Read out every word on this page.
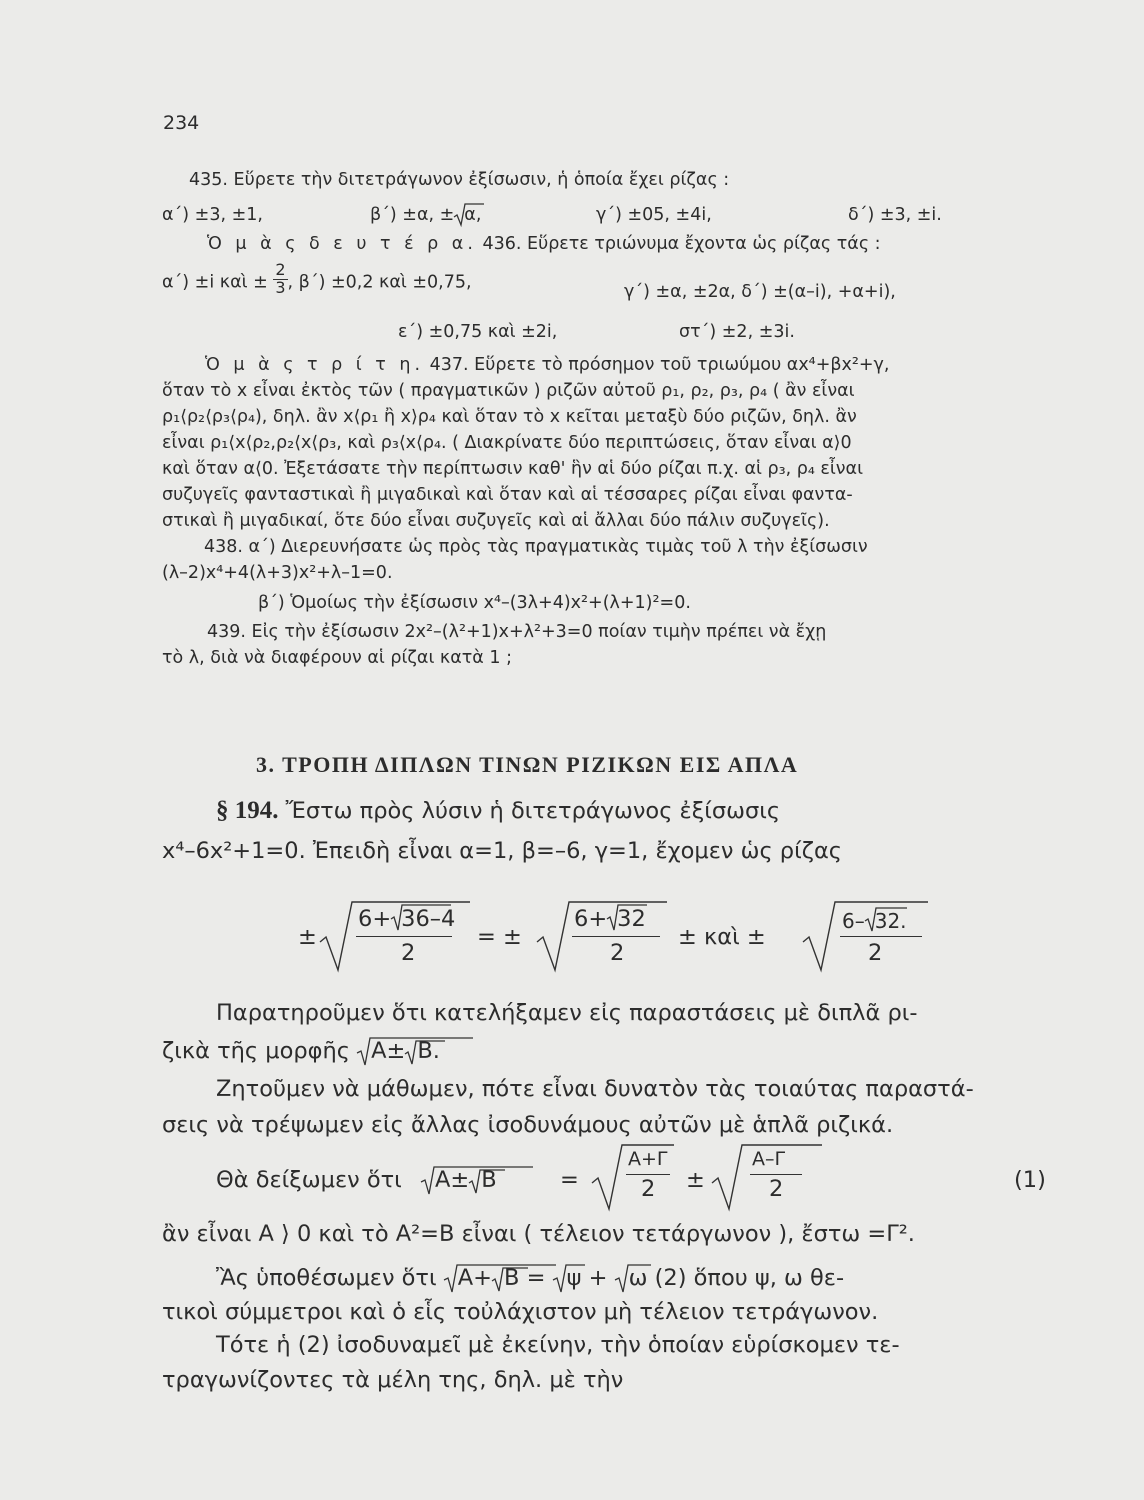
234
435. Εὕρετε τὴν διτετράγωνον ἐξίσωσιν, ἡ ὁποία ἔχει ρίζας :
α΄) ±3, ±1,	β΄) ±α, ± α,	γ΄) ±05, ±4i,	δ΄) ±3, ±i.
Ὁ μ ὰ ς δ ε υ τ έ ρ α. 436. Εὕρετε τριώνυμα ἔχοντα ὡς ρίζας τάς :
α΄) ±i καὶ ± $\frac{2}{3}$ , β΄) ±0,2 καὶ ±0,75,	γ΄) ±α, ±2α, δ΄) ±(α–i), +α+i),
ε΄) ±0,75 καὶ ±2i,	στ΄) ±2, ±3i.
Ὁ μ ὰ ς τ ρ ί τ η. 437. Εὕρετε τὸ πρόσημον τοῦ τριωύμου αx⁴+βx²+γ,
ὅταν τὸ x εἶναι ἐκτὸς τῶν ( πραγματικῶν ) ριζῶν αὐτοῦ ρ₁, ρ₂, ρ₃, ρ₄ ( ἂν εἶναι
ρ₁⟨ρ₂⟨ρ₃⟨ρ₄), δηλ. ἂν x⟨ρ₁ ἢ x⟩ρ₄ καὶ ὅταν τὸ x κεῖται μεταξὺ δύο ριζῶν, δηλ. ἂν
εἶναι ρ₁⟨x⟨ρ₂,ρ₂⟨x⟨ρ₃, καὶ ρ₃⟨x⟨ρ₄. ( Διακρίνατε δύο περιπτώσεις, ὅταν εἶναι α⟩0
καὶ ὅταν α⟨0. Ἐξετάσατε τὴν περίπτωσιν καθ' ἣν αἱ δύο ρίζαι π.χ. αἱ ρ₃, ρ₄ εἶναι
συζυγεῖς φανταστικαὶ ἢ μιγαδικαὶ καὶ ὅταν καὶ αἱ τέσσαρες ρίζαι εἶναι φαντα-
στικαὶ ἢ μιγαδικαί, ὅτε δύο εἶναι συζυγεῖς καὶ αἱ ἄλλαι δύο πάλιν συζυγεῖς).
438. α΄) Διερευνήσατε ὡς πρὸς τὰς πραγματικὰς τιμὰς τοῦ λ τὴν ἐξίσωσιν
(λ–2)x⁴+4(λ+3)x²+λ–1=0.
β΄) Ὁμοίως τὴν ἐξίσωσιν x⁴–(3λ+4)x²+(λ+1)²=0.
439. Εἰς τὴν ἐξίσωσιν 2x²–(λ²+1)x+λ²+3=0 ποίαν τιμὴν πρέπει νὰ ἔχῃ
τὸ λ, διὰ νὰ διαφέρουν αἱ ρίζαι κατὰ 1 ;
3. ΤΡΟΠΗ ΔΙΠΛΩΝ ΤΙΝΩΝ ΡΙΖΙΚΩΝ ΕΙΣ ΑΠΛΑ
§ 194. Ἔστω πρὸς λύσιν ἡ διτετράγωνος ἐξίσωσις
x⁴–6x²+1=0. Ἐπειδὴ εἶναι α=1, β=–6, γ=1, ἔχομεν ὡς ρίζας
±
6+ 36–4
2
= ±
6+ 32
2
± καὶ ±
6– 32.
2
Παρατηροῦμεν ὅτι κατελήξαμεν εἰς παραστάσεις μὲ διπλᾶ ρι-
ζικὰ τῆς μορφῆς Α± Β.
Ζητοῦμεν νὰ μάθωμεν, πότε εἶναι δυνατὸν τὰς τοιαύτας παραστά-
σεις νὰ τρέψωμεν εἰς ἄλλας ἰσοδυνάμους αὐτῶν μὲ ἁπλᾶ ριζικά.
Θὰ δείξωμεν ὅτι	Α± Β	=
Α+Γ
2 ±
Α–Γ
2	(1)
ἂν εἶναι Α ⟩ 0 καὶ τὸ Α²=Β εἶναι ( τέλειον τετάργωνον ), ἔστω =Γ².
Ἂς ὑποθέσωμεν ὅτι Α+ Β = ψ + ω (2) ὅπου ψ, ω θε-
τικοὶ σύμμετροι καὶ ὁ εἷς τοὐλάχιστον μὴ τέλειον τετράγωνον.
Τότε ἡ (2) ἰσοδυναμεῖ μὲ ἐκείνην, τὴν ὁποίαν εὑρίσκομεν τε-
τραγωνίζοντες τὰ μέλη της, δηλ. μὲ τὴν
